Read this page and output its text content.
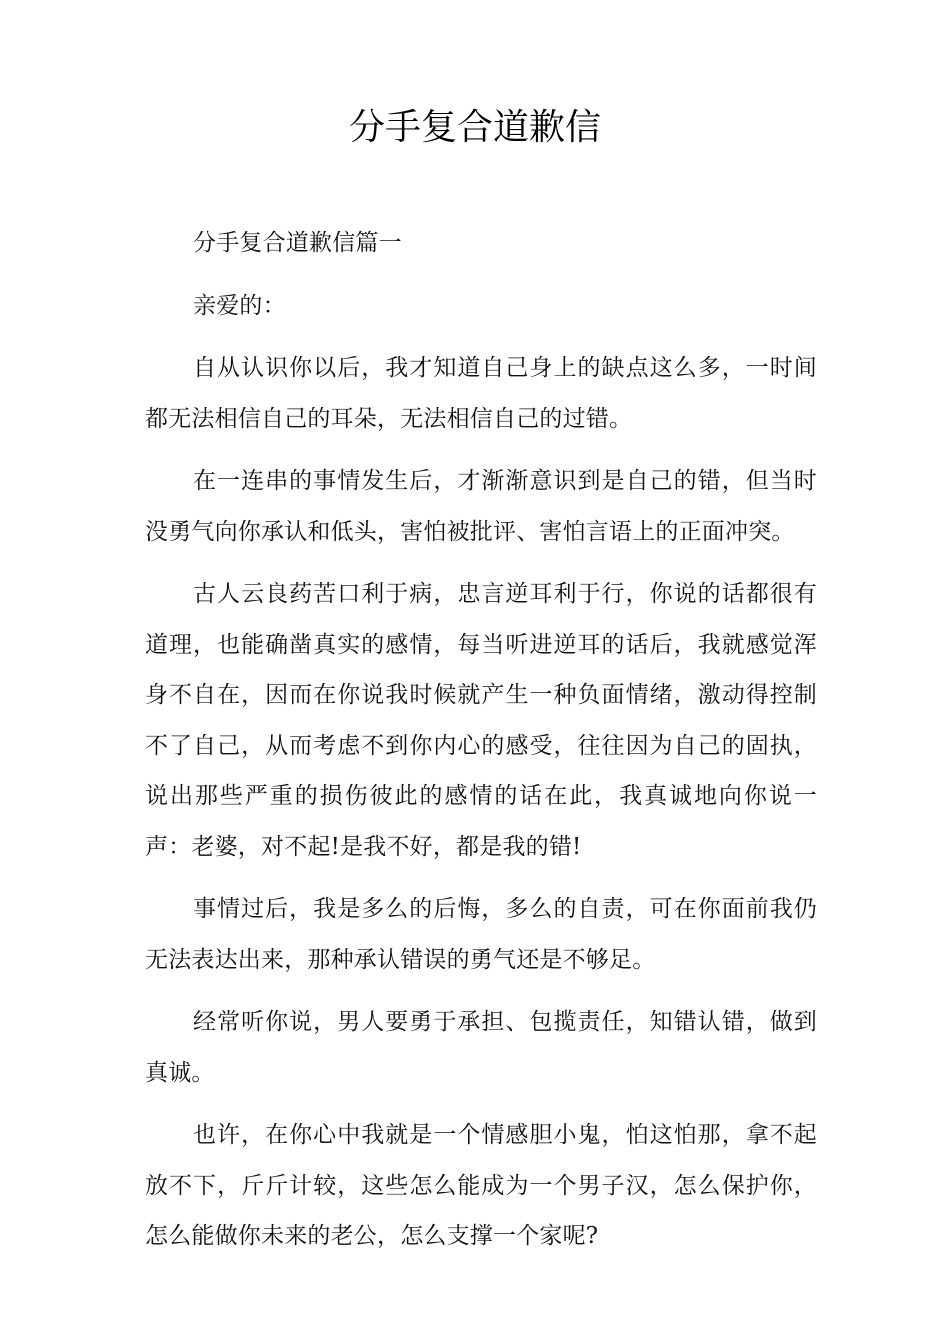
分手复合道歉信

分手复合道歉信篇一

亲爱的：

自从认识你以后，我才知道自己身上的缺点这么多，一时间都无法相信自己的耳朵，无法相信自己的过错。

在一连串的事情发生后，才渐渐意识到是自己的错，但当时没勇气向你承认和低头，害怕被批评、害怕言语上的正面冲突。

古人云良药苦口利于病，忠言逆耳利于行，你说的话都很有道理，也能确凿真实的感情，每当听进逆耳的话后，我就感觉浑身不自在，因而在你说我时候就产生一种负面情绪，激动得控制不了自己，从而考虑不到你内心的感受，往往因为自己的固执，说出那些严重的损伤彼此的感情的话在此，我真诚地向你说一声：老婆，对不起!是我不好，都是我的错!

事情过后，我是多么的后悔，多么的自责，可在你面前我仍无法表达出来，那种承认错误的勇气还是不够足。

经常听你说，男人要勇于承担、包揽责任，知错认错，做到真诚。

也许，在你心中我就是一个情感胆小鬼，怕这怕那，拿不起放不下，斤斤计较，这些怎么能成为一个男子汉，怎么保护你，怎么能做你未来的老公，怎么支撑一个家呢?
